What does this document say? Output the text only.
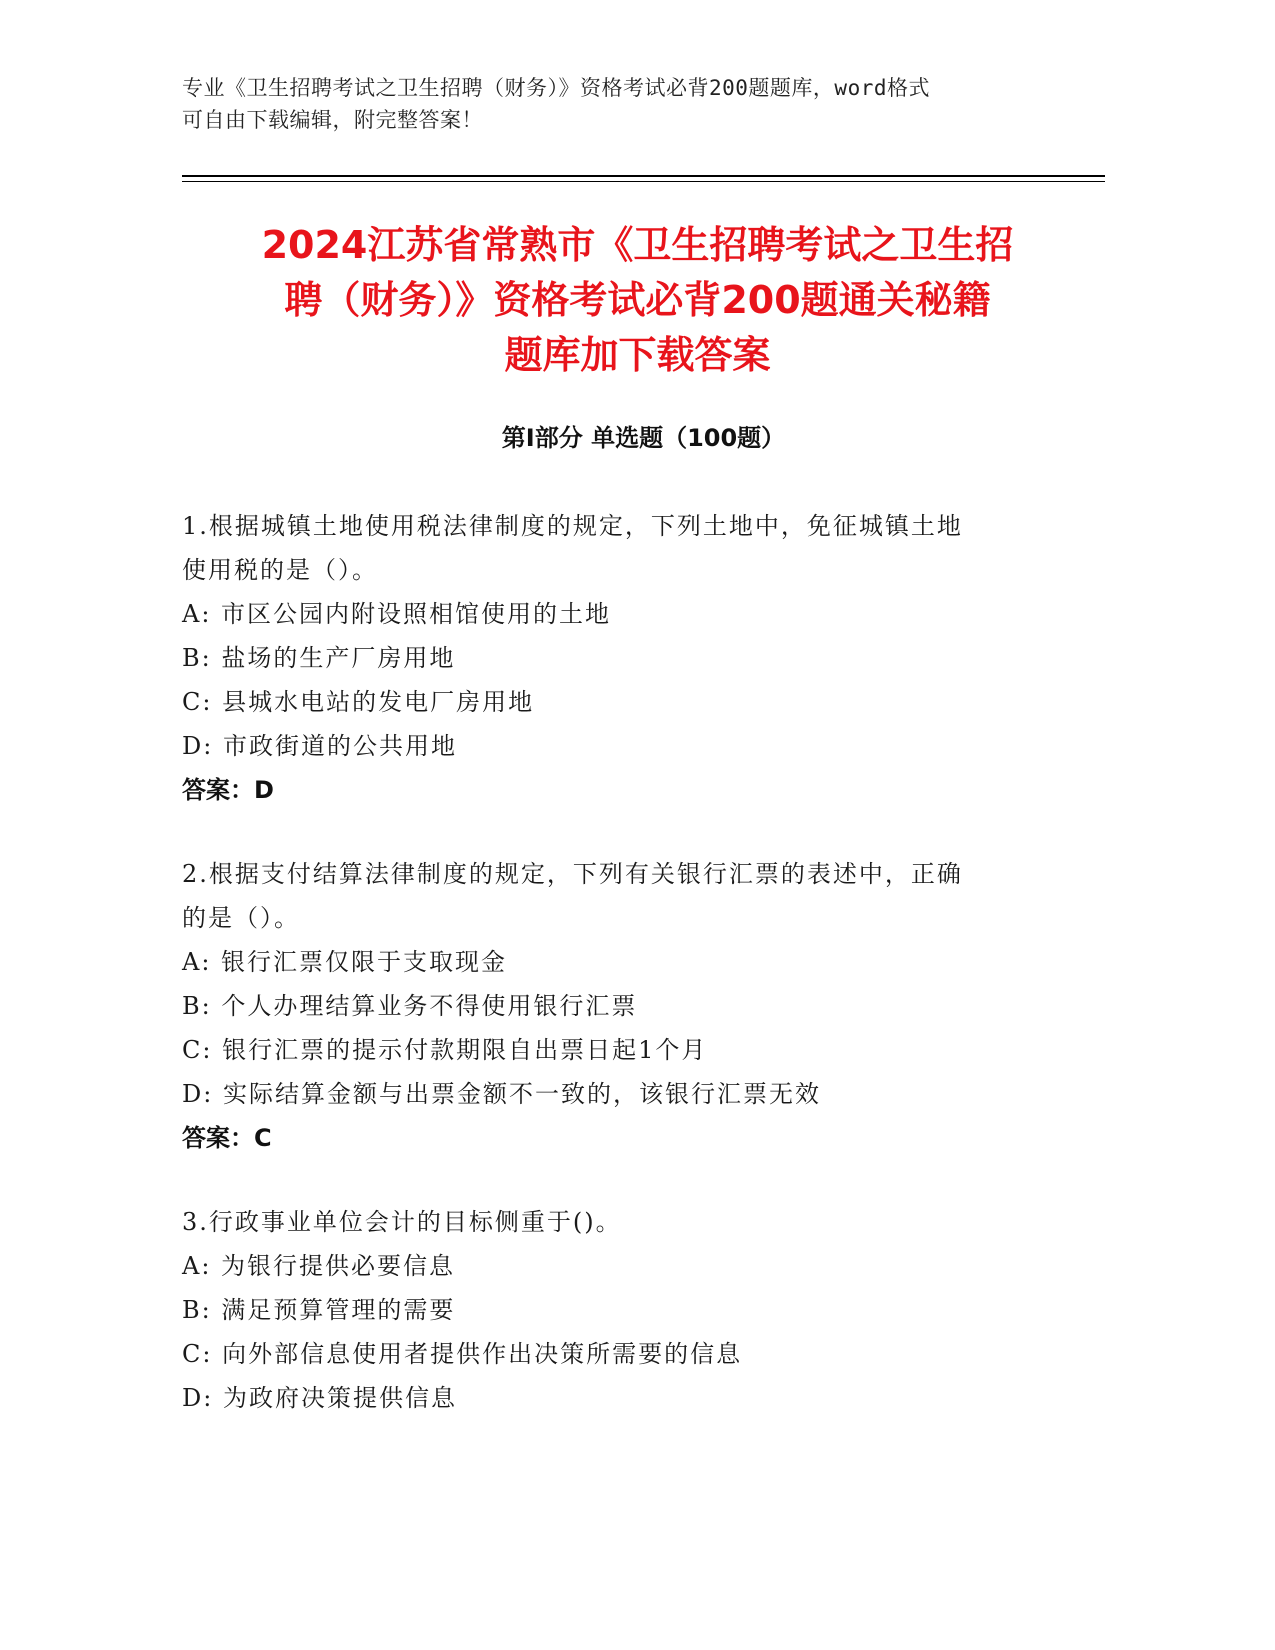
专业《卫生招聘考试之卫生招聘（财务）》资格考试必背200题题库，word格式
可自由下载编辑，附完整答案！
2024江苏省常熟市《卫生招聘考试之卫生招
聘（财务）》资格考试必背200题通关秘籍
题库加下载答案
第Ⅰ部分 单选题（100题）
1.根据城镇土地使用税法律制度的规定，下列土地中，免征城镇土地
使用税的是（）。
A: 市区公园内附设照相馆使用的土地
B: 盐场的生产厂房用地
C: 县城水电站的发电厂房用地
D: 市政街道的公共用地
答案：D
2.根据支付结算法律制度的规定，下列有关银行汇票的表述中，正确
的是（）。
A: 银行汇票仅限于支取现金
B: 个人办理结算业务不得使用银行汇票
C: 银行汇票的提示付款期限自出票日起1个月
D: 实际结算金额与出票金额不一致的，该银行汇票无效
答案：C
3.行政事业单位会计的目标侧重于()。
A: 为银行提供必要信息
B: 满足预算管理的需要
C: 向外部信息使用者提供作出决策所需要的信息
D: 为政府决策提供信息
